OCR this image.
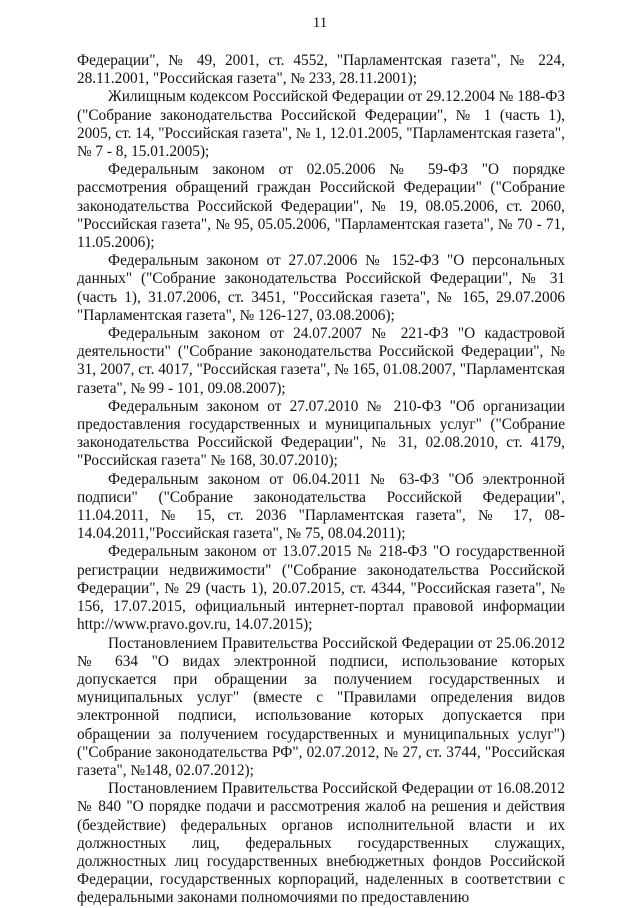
11

Федерации", № 49, 2001, ст. 4552, "Парламентская газета", № 224, 28.11.2001, "Российская газета", № 233, 28.11.2001);

Жилищным кодексом Российской Федерации от 29.12.2004 № 188-ФЗ ("Собрание законодательства Российской Федерации", № 1 (часть 1), 2005, ст. 14, "Российская газета", № 1, 12.01.2005, "Парламентская газета", № 7 - 8, 15.01.2005);

Федеральным законом от 02.05.2006 № 59-ФЗ "О порядке рассмотрения обращений граждан Российской Федерации" ("Собрание законодательства Российской Федерации", № 19, 08.05.2006, ст. 2060, "Российская газета", № 95, 05.05.2006, "Парламентская газета", № 70 - 71, 11.05.2006);

Федеральным законом от 27.07.2006 № 152-ФЗ "О персональных данных" ("Собрание законодательства Российской Федерации", № 31 (часть 1), 31.07.2006, ст. 3451, "Российская газета", № 165, 29.07.2006 "Парламентская газета", № 126-127, 03.08.2006);

Федеральным законом от 24.07.2007 № 221-ФЗ "О кадастровой деятельности" ("Собрание законодательства Российской Федерации", № 31, 2007, ст. 4017, "Российская газета", № 165, 01.08.2007, "Парламентская газета", № 99 - 101, 09.08.2007);

Федеральным законом от 27.07.2010 № 210-ФЗ "Об организации предоставления государственных и муниципальных услуг" ("Собрание законодательства Российской Федерации", № 31, 02.08.2010, ст. 4179, "Российская газета" № 168, 30.07.2010);

Федеральным законом от 06.04.2011 № 63-ФЗ "Об электронной подписи" ("Собрание законодательства Российской Федерации", 11.04.2011, № 15, ст. 2036 "Парламентская газета", № 17, 08-14.04.2011,"Российская газета", № 75, 08.04.2011);

Федеральным законом от 13.07.2015 № 218-ФЗ "О государственной регистрации недвижимости" ("Собрание законодательства Российской Федерации", № 29 (часть 1), 20.07.2015, ст. 4344, "Российская газета", № 156, 17.07.2015, официальный интернет-портал правовой информации http://www.pravo.gov.ru, 14.07.2015);

Постановлением Правительства Российской Федерации от 25.06.2012 № 634 "О видах электронной подписи, использование которых допускается при обращении за получением государственных и муниципальных услуг" (вместе с "Правилами определения видов электронной подписи, использование которых допускается при обращении за получением государственных и муниципальных услуг") ("Собрание законодательства РФ", 02.07.2012, № 27, ст. 3744, "Российская газета", №148, 02.07.2012);

Постановлением Правительства Российской Федерации от 16.08.2012 № 840 "О порядке подачи и рассмотрения жалоб на решения и действия (бездействие) федеральных органов исполнительной власти и их должностных лиц, федеральных государственных служащих, должностных лиц государственных внебюджетных фондов Российской Федерации, государственных корпораций, наделенных в соответствии с федеральными законами полномочиями по предоставлению
